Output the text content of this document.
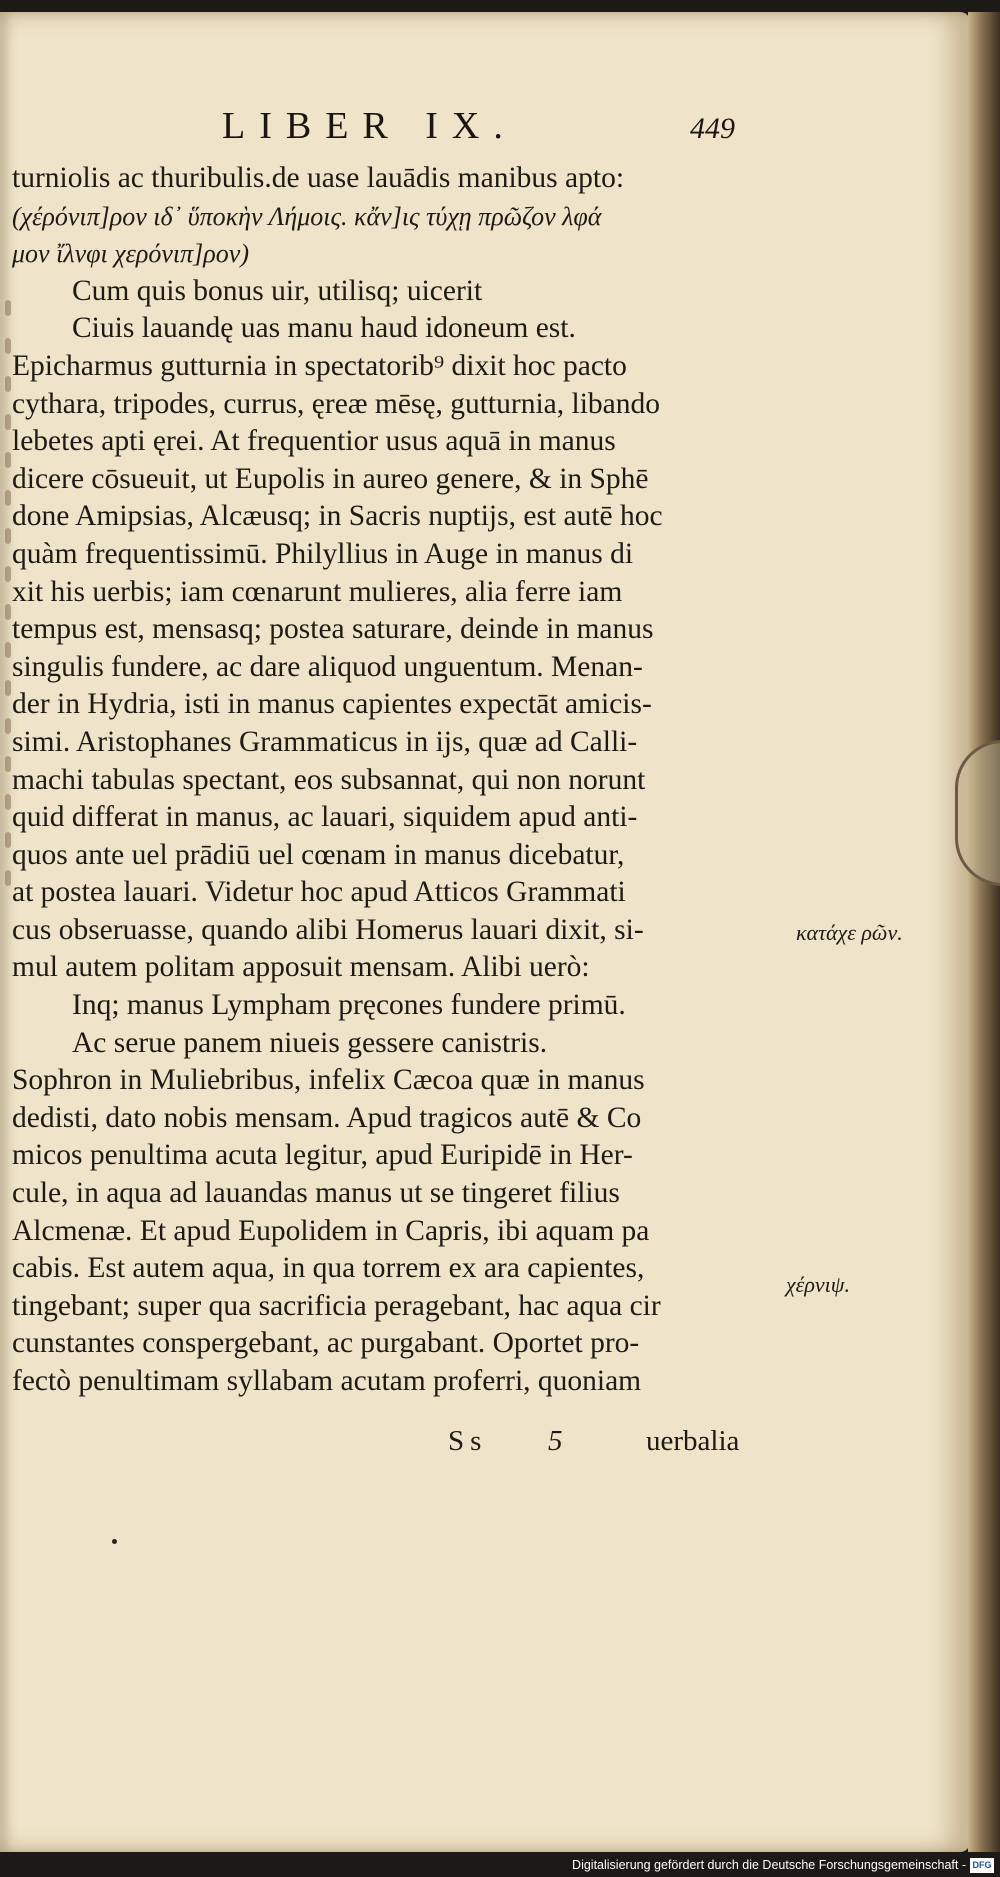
LIBER IX.	449
turniolis ac thuribulis.de uase lauādis manibus apto:
(χέρόνιπ]ρον ιδ᾽ ὕποκὴν Λήμοις. κἄν]ις τύχῃ πρῶζον λφά
μον ἴλνφι χερόνιπ]ρον)
Cum quis bonus uir, utilisq; uicerit
Ciuis lauandę uas manu haud idoneum est.
Epicharmus gutturnia in spectatorib⁹ dixit hoc pacto
cythara, tripodes, currus, ęreæ mēsę, gutturnia, libando
lebetes apti ęrei. At frequentior usus aquā in manus
dicere cōsueuit, ut Eupolis in aureo genere, & in Sphē
done Amipsias, Alcæusq; in Sacris nuptijs, est autē hoc
quàm frequentissimū. Philyllius in Auge in manus di
xit his uerbis; iam cœnarunt mulieres, alia ferre iam
tempus est, mensasq; postea saturare, deinde in manus
singulis fundere, ac dare aliquod unguentum. Menan-
der in Hydria, isti in manus capientes expectāt amicis-
simi. Aristophanes Grammaticus in ijs, quæ ad Calli-
machi tabulas spectant, eos subsannat, qui non norunt
quid differat in manus, ac lauari, siquidem apud anti-
quos ante uel prādiū uel cœnam in manus dicebatur,
at postea lauari. Videtur hoc apud Atticos Grammati
cus obseruasse, quando alibi Homerus lauari dixit, si-
mul autem politam apposuit mensam. Alibi uerò:
Inq; manus Lympham pręcones fundere primū.
Ac serue panem niueis gessere canistris.
Sophron in Muliebribus, infelix Cæcoa quæ in manus
dedisti, dato nobis mensam. Apud tragicos autē & Co
micos penultima acuta legitur, apud Euripidē in Her-
cule, in aqua ad lauandas manus ut se tingeret filius
Alcmenæ. Et apud Eupolidem in Capris, ibi aquam pa
cabis. Est autem aqua, in qua torrem ex ara capientes,
tingebant; super qua sacrificia peragebant, hac aqua cir
cunstantes conspergebant, ac purgabant. Oportet pro-
fectò penultimam syllabam acutam proferri, quoniam
κατάχε ρῶν.
χέρνιψ.
Ss 5	uerbalia
Digitalisierung gefördert durch die Deutsche Forschungsgemeinschaft - DFG
